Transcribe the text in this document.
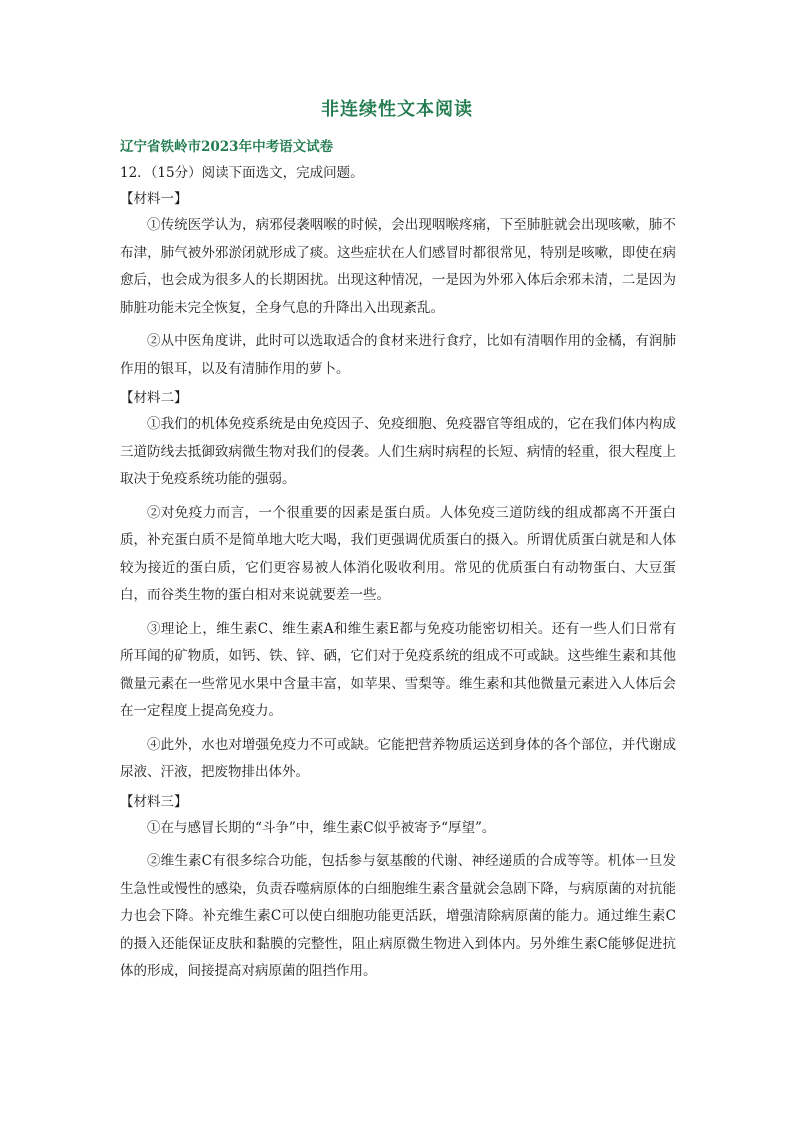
非连续性文本阅读
辽宁省铁岭市2023年中考语文试卷
12．（15分）阅读下面选文，完成问题。

【材料一】

①传统医学认为，病邪侵袭咽喉的时候，会出现咽喉疼痛，下至肺脏就会出现咳嗽，肺不布津，肺气被外邪淤闭就形成了痰。这些症状在人们感冒时都很常见，特别是咳嗽，即使在病愈后，也会成为很多人的长期困扰。出现这种情况，一是因为外邪入体后余邪未清，二是因为肺脏功能未完全恢复，全身气息的升降出入出现紊乱。

②从中医角度讲，此时可以选取适合的食材来进行食疗，比如有清咽作用的金橘，有润肺作用的银耳，以及有清肺作用的萝卜。

【材料二】

①我们的机体免疫系统是由免疫因子、免疫细胞、免疫器官等组成的，它在我们体内构成三道防线去抵御致病微生物对我们的侵袭。人们生病时病程的长短、病情的轻重，很大程度上取决于免疫系统功能的强弱。

②对免疫力而言，一个很重要的因素是蛋白质。人体免疫三道防线的组成都离不开蛋白质，补充蛋白质不是简单地大吃大喝，我们更强调优质蛋白的摄入。所谓优质蛋白就是和人体较为接近的蛋白质，它们更容易被人体消化吸收利用。常见的优质蛋白有动物蛋白、大豆蛋白，而谷类生物的蛋白相对来说就要差一些。

③理论上，维生素C、维生素A和维生素E都与免疫功能密切相关。还有一些人们日常有所耳闻的矿物质，如钙、铁、锌、硒，它们对于免疫系统的组成不可或缺。这些维生素和其他微量元素在一些常见水果中含量丰富，如苹果、雪梨等。维生素和其他微量元素进入人体后会在一定程度上提高免疫力。

④此外，水也对增强免疫力不可或缺。它能把营养物质运送到身体的各个部位，并代谢成尿液、汗液，把废物排出体外。

【材料三】

①在与感冒长期的“斗争”中，维生素C似乎被寄予“厚望”。

②维生素C有很多综合功能，包括参与氨基酸的代谢、神经递质的合成等等。机体一旦发生急性或慢性的感染，负责吞噬病原体的白细胞维生素含量就会急剧下降，与病原菌的对抗能力也会下降。补充维生素C可以使白细胞功能更活跃，增强清除病原菌的能力。通过维生素C的摄入还能保证皮肤和黏膜的完整性，阻止病原微生物进入到体内。另外维生素C能够促进抗体的形成，间接提高对病原菌的阻挡作用。
